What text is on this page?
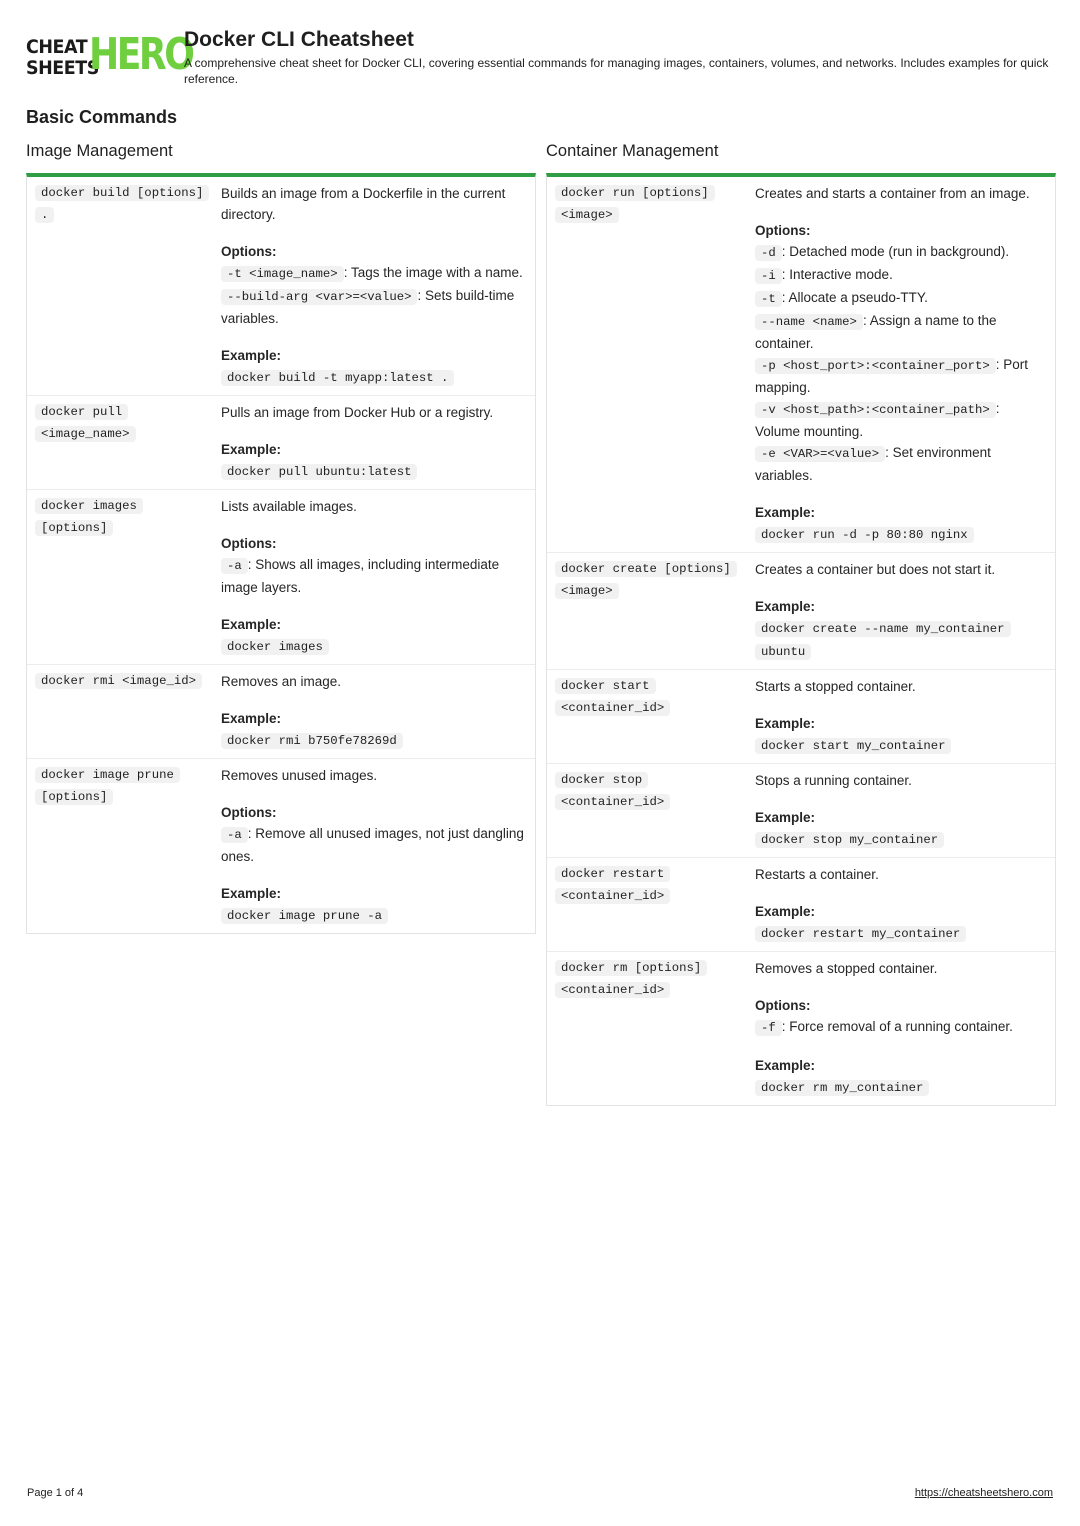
CHEAT
SHEETS
HERO
Docker CLI Cheatsheet
A comprehensive cheat sheet for Docker CLI, covering essential commands for managing images, containers, volumes, and networks. Includes examples for quick reference.
Basic Commands
Image Management
docker build [options]
.
Builds an image from a Dockerfile in the current directory.
Options:
-t <image_name> : Tags the image with a name.
--build-arg <var>=<value> : Sets build-time variables.
Example:
docker build -t myapp:latest .
docker pull
<image_name>
Pulls an image from Docker Hub or a registry.
Example:
docker pull ubuntu:latest
docker images
[options]
Lists available images.
Options:
-a : Shows all images, including intermediate image layers.
Example:
docker images
docker rmi <image_id>	Removes an image.
Example:
docker rmi b750fe78269d
docker image prune
[options]
Removes unused images.
Options:
-a : Remove all unused images, not just dangling ones.
Example:
docker image prune -a
Container Management
docker run [options]
<image>
Creates and starts a container from an image.
Options:
-d : Detached mode (run in background).
-i : Interactive mode.
-t : Allocate a pseudo-TTY.
--name <name> : Assign a name to the container.
-p <host_port>:<container_port> : Port mapping.
-v <host_path>:<container_path> : Volume mounting.
-e <VAR>=<value> : Set environment variables.
Example:
docker run -d -p 80:80 nginx
docker create [options]
<image>
Creates a container but does not start it.
Example:
docker create --name my_container ubuntu
docker start
<container_id>
Starts a stopped container.
Example:
docker start my_container
docker stop
<container_id>
Stops a running container.
Example:
docker stop my_container
docker restart
<container_id>
Restarts a container.
Example:
docker restart my_container
docker rm [options]
<container_id>
Removes a stopped container.
Options:
-f : Force removal of a running container.
Example:
docker rm my_container
Page 1 of 4	https://cheatsheetshero.com
